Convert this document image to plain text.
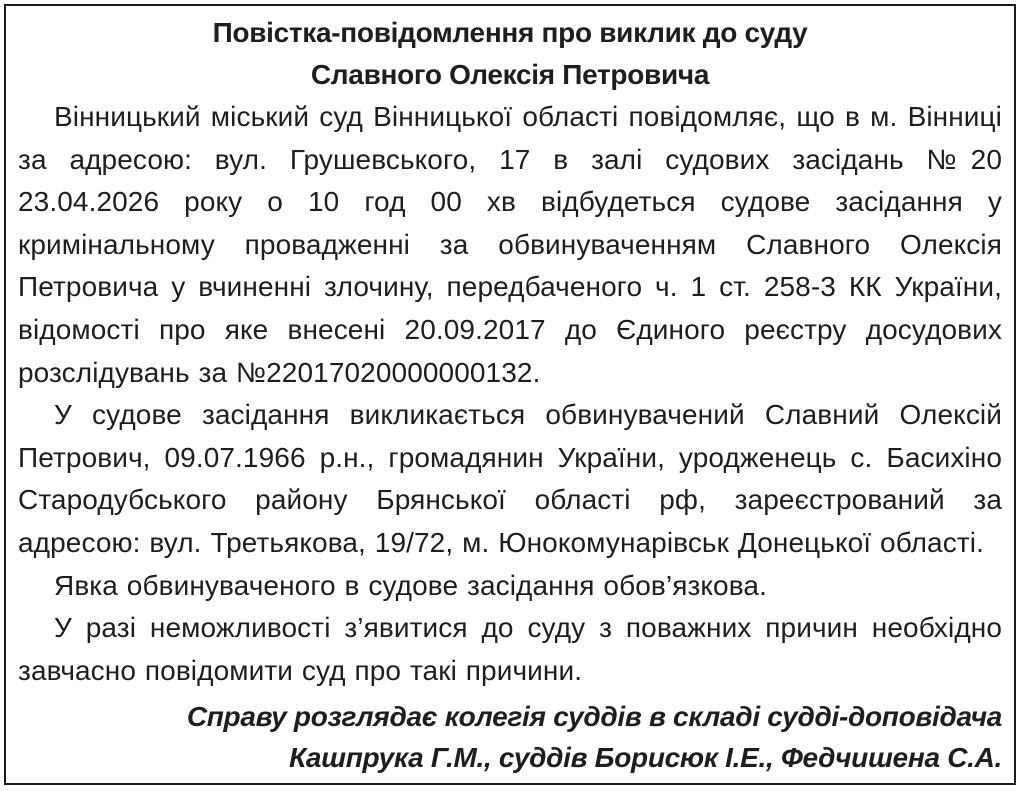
Повістка-повідомлення про виклик до суду
Славного Олексія Петровича

Вінницький міський суд Вінницької області повідомляє, що в м. Вінниці за адресою: вул. Грушевського, 17 в залі судових засідань №20 23.04.2026 року о 10 год 00 хв відбудеться судове засідання у кримінальному провадженні за обвинуваченням Славного Олексія Петровича у вчиненні злочину, передбаченого ч. 1 ст. 258-3 КК України, відомості про яке внесені 20.09.2017 до Єдиного реєстру досудових розслідувань за №22017020000000132.

У судове засідання викликається обвинувачений Славний Олексій Петрович, 09.07.1966 р.н., громадянин України, уродженець с. Басихіно Стародубського району Брянської області рф, зареєстрований за адресою: вул. Третьякова, 19/72, м. Юнокомунарівськ Донецької області.

Явка обвинуваченого в судове засідання обов’язкова.

У разі неможливості з’явитися до суду з поважних причин необхідно завчасно повідомити суд про такі причини.

Справу розглядає колегія суддів в складі судді-доповідача
Кашпрука Г.М., суддів Борисюк І.Е., Федчишена С.А.
